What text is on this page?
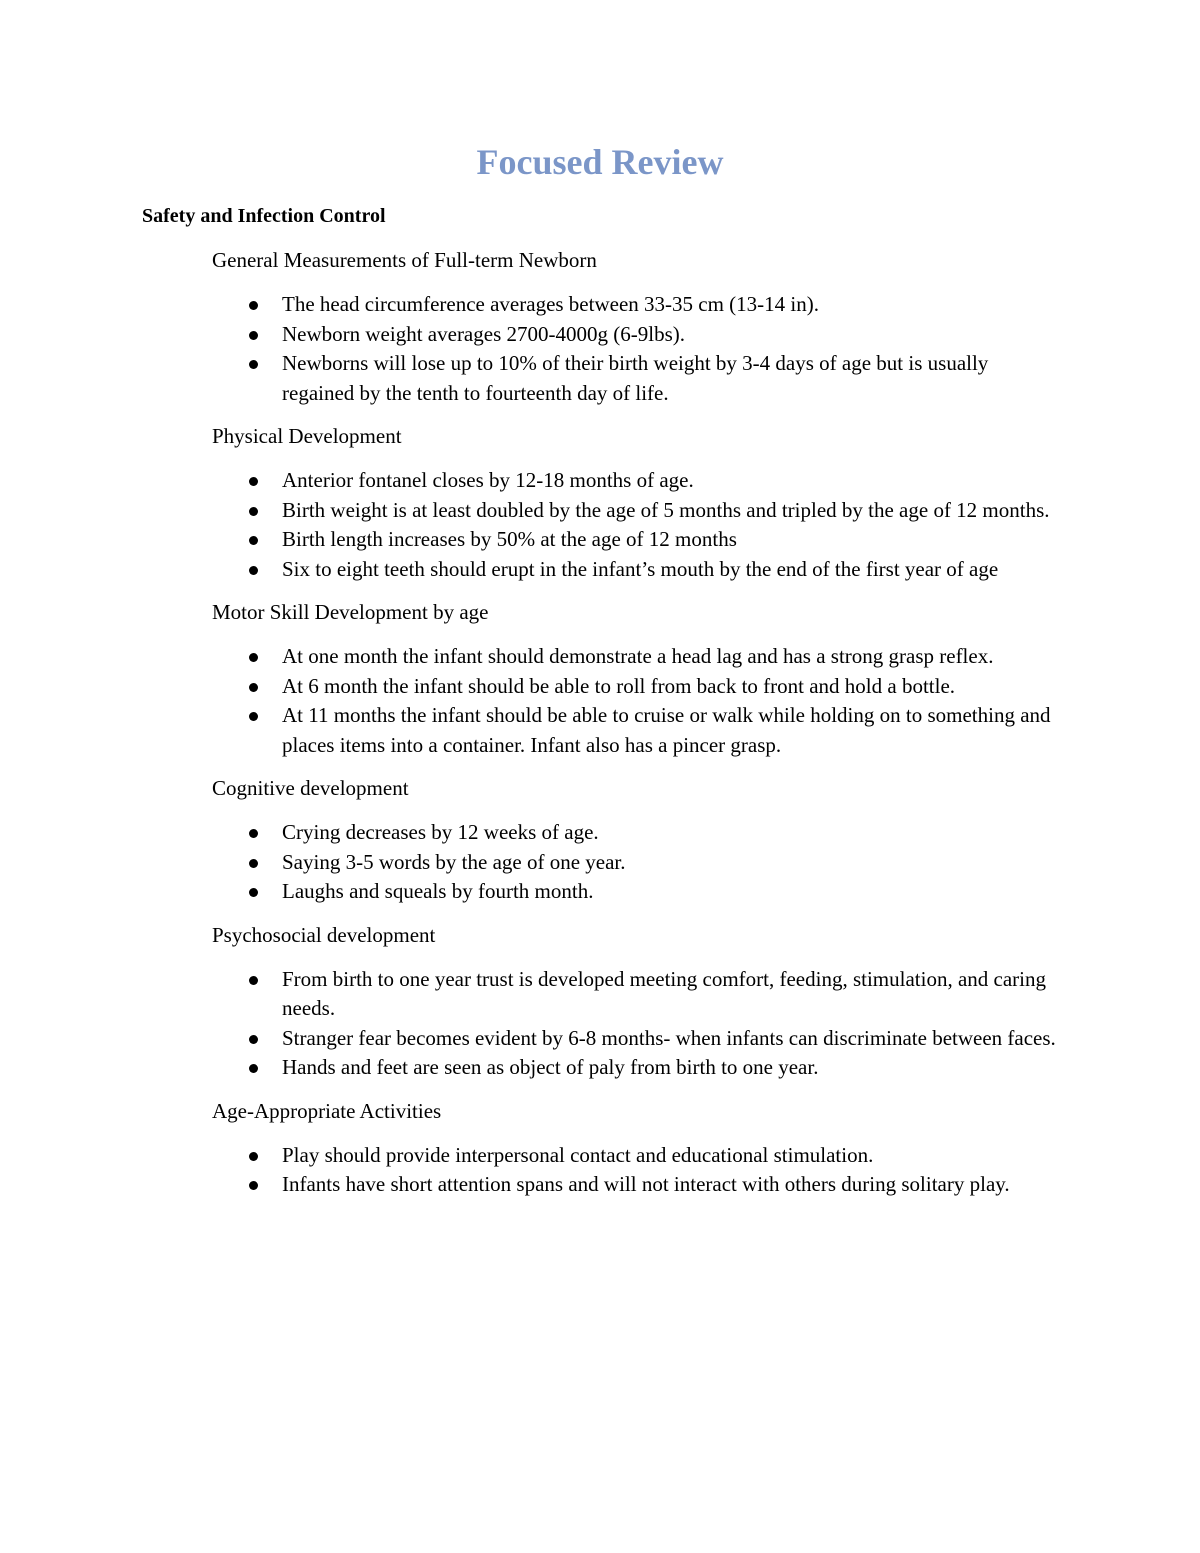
Focused Review
Safety and Infection Control

General Measurements of Full-term Newborn

The head circumference averages between 33-35 cm (13-14 in).
Newborn weight averages 2700-4000g (6-9lbs).
Newborns will lose up to 10% of their birth weight by 3-4 days of age but is usually regained by the tenth to fourteenth day of life.

Physical Development

Anterior fontanel closes by 12-18 months of age.
Birth weight is at least doubled by the age of 5 months and tripled by the age of 12 months.
Birth length increases by 50% at the age of 12 months
Six to eight teeth should erupt in the infant’s mouth by the end of the first year of age

Motor Skill Development by age

At one month the infant should demonstrate a head lag and has a strong grasp reflex.
At 6 month the infant should be able to roll from back to front and hold a bottle.
At 11 months the infant should be able to cruise or walk while holding on to something and places items into a container. Infant also has a pincer grasp.

Cognitive development

Crying decreases by 12 weeks of age.
Saying 3-5 words by the age of one year.
Laughs and squeals by fourth month.

Psychosocial development

From birth to one year trust is developed meeting comfort, feeding, stimulation, and caring needs.
Stranger fear becomes evident by 6-8 months- when infants can discriminate between faces.
Hands and feet are seen as object of paly from birth to one year.

Age-Appropriate Activities

Play should provide interpersonal contact and educational stimulation.
Infants have short attention spans and will not interact with others during solitary play.
